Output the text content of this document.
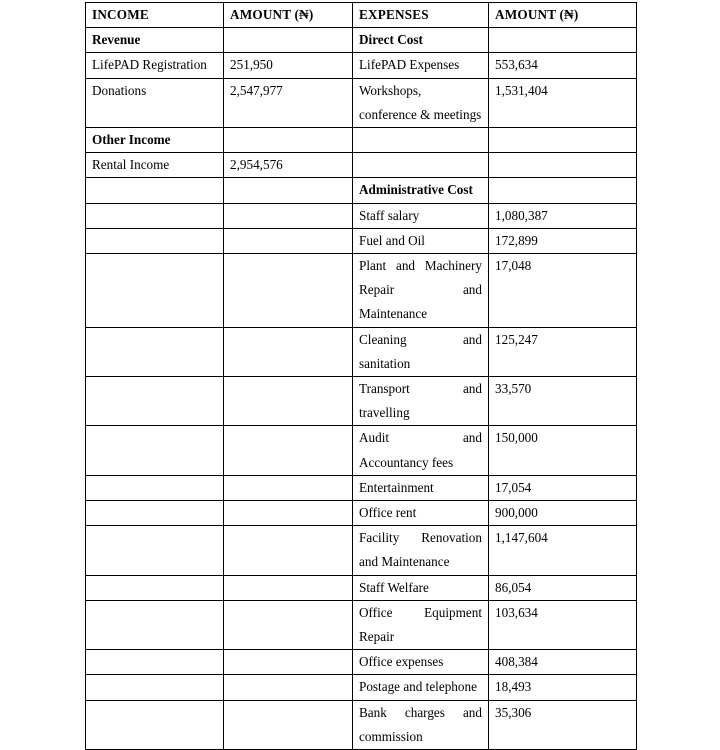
INCOME	AMOUNT (₦)	EXPENSES	AMOUNT (₦)
Revenue		Direct Cost	
LifePAD Registration	251,950	LifePAD Expenses	553,634
Donations	2,547,977	Workshops, conference & meetings	1,531,404
Other Income			
Rental Income	2,954,576		
		Administrative Cost	
		Staff salary	1,080,387
		Fuel and Oil	172,899
		Plant and Machinery Repair and Maintenance	17,048
		Cleaning and sanitation	125,247
		Transport and travelling	33,570
		Audit and Accountancy fees	150,000
		Entertainment	17,054
		Office rent	900,000
		Facility Renovation and Maintenance	1,147,604
		Staff Welfare	86,054
		Office Equipment Repair	103,634
		Office expenses	408,384
		Postage and telephone	18,493
		Bank charges and commission	35,306
